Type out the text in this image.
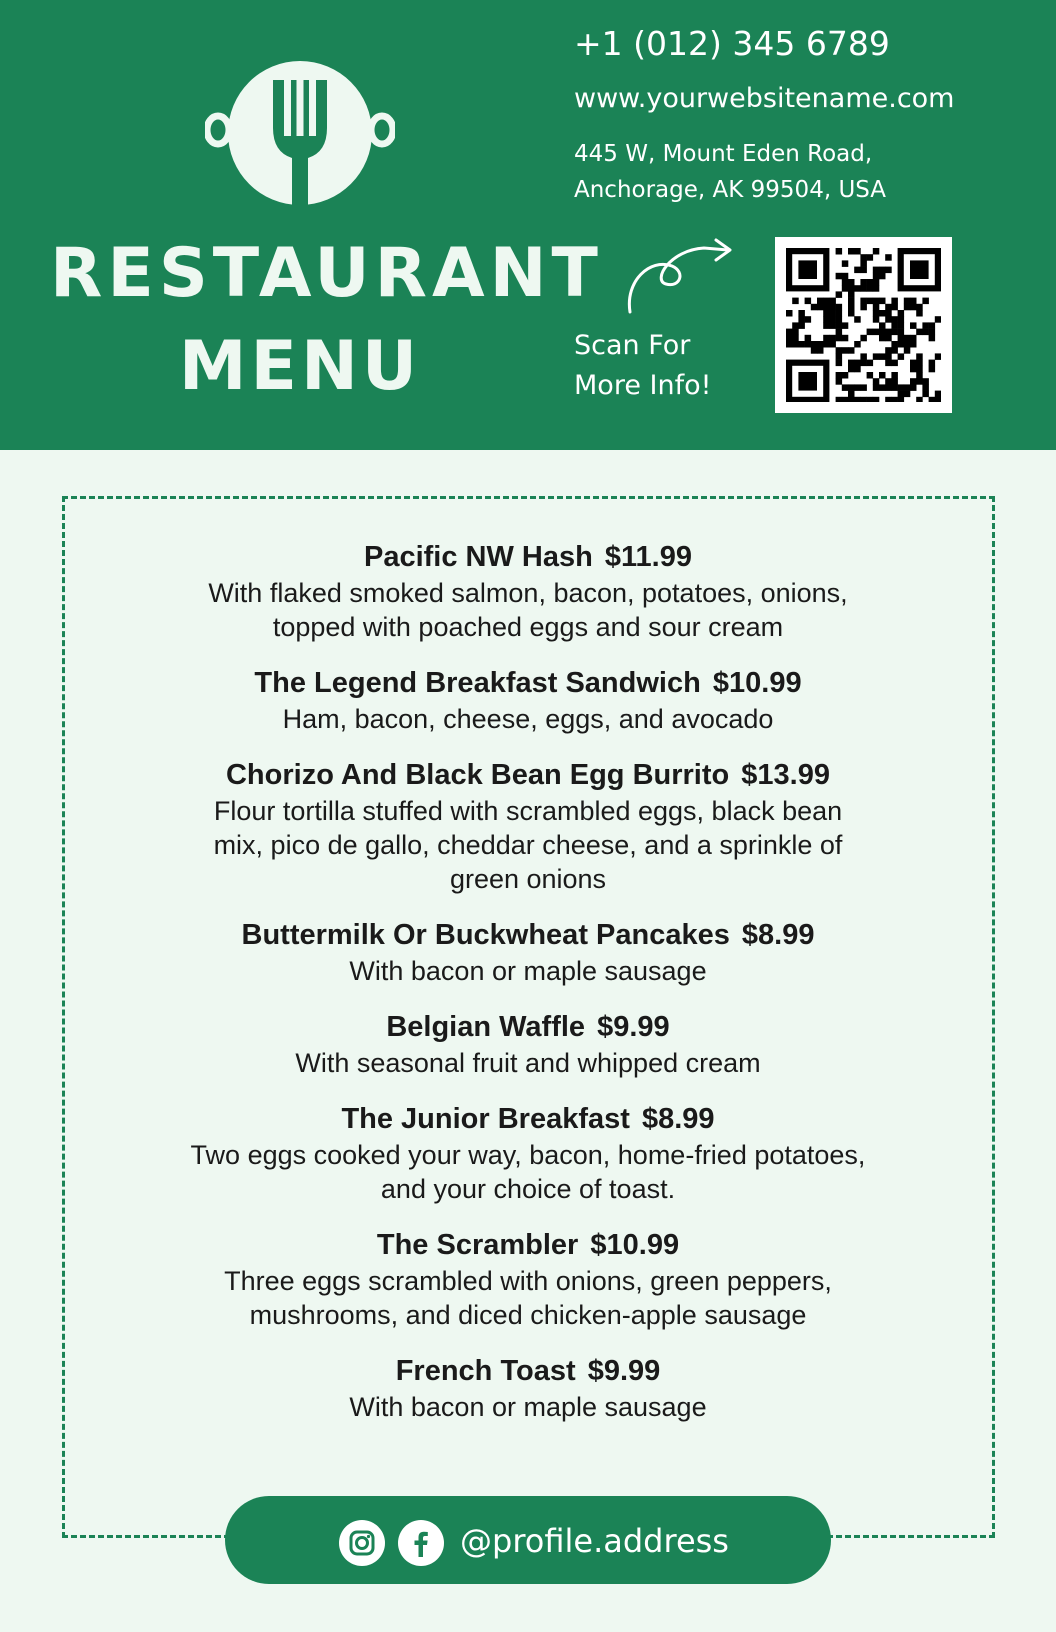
RESTAURANT
MENU
+1 (012) 345 6789
www.yourwebsitename.com
445 W, Mount Eden Road,
Anchorage, AK 99504, USA
Scan For
More Info!

Pacific NW Hash $11.99

With flaked smoked salmon, bacon, potatoes, onions,
topped with poached eggs and sour cream

The Legend Breakfast Sandwich $10.99

Ham, bacon, cheese, eggs, and avocado

Chorizo And Black Bean Egg Burrito $13.99

Flour tortilla stuffed with scrambled eggs, black bean
mix, pico de gallo, cheddar cheese, and a sprinkle of
green onions

Buttermilk Or Buckwheat Pancakes $8.99

With bacon or maple sausage

Belgian Waffle $9.99

With seasonal fruit and whipped cream

The Junior Breakfast $8.99

Two eggs cooked your way, bacon, home-fried potatoes,
and your choice of toast.

The Scrambler $10.99

Three eggs scrambled with onions, green peppers,
mushrooms, and diced chicken-apple sausage

French Toast $9.99

With bacon or maple sausage

@profile.address
